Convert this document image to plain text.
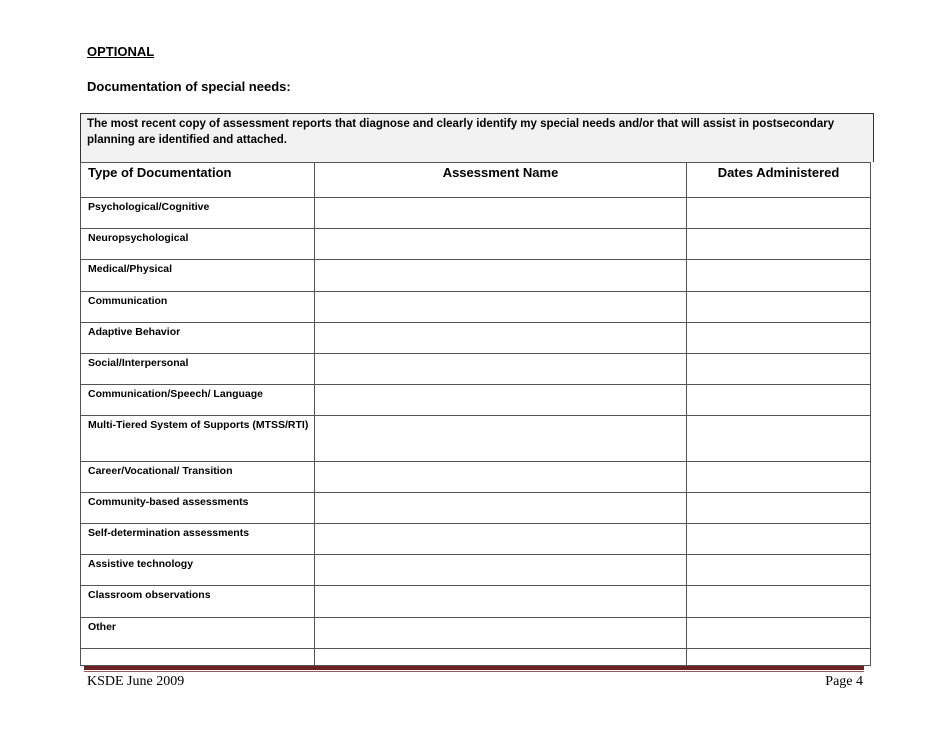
OPTIONAL
Documentation of special needs:
The most recent copy of assessment reports that diagnose and clearly identify my special needs and/or that will assist in postsecondary planning are identified and attached.
Type of Documentation	Assessment Name	Dates Administered
Psychological/Cognitive		
Neuropsychological		
Medical/Physical		
Communication		
Adaptive Behavior		
Social/Interpersonal		
Communication/Speech/ Language		
Multi-Tiered System of Supports (MTSS/RTI)		
Career/Vocational/ Transition		
Community-based assessments		
Self-determination assessments		
Assistive technology		
Classroom observations		
Other		

KSDE June 2009	Page 4
